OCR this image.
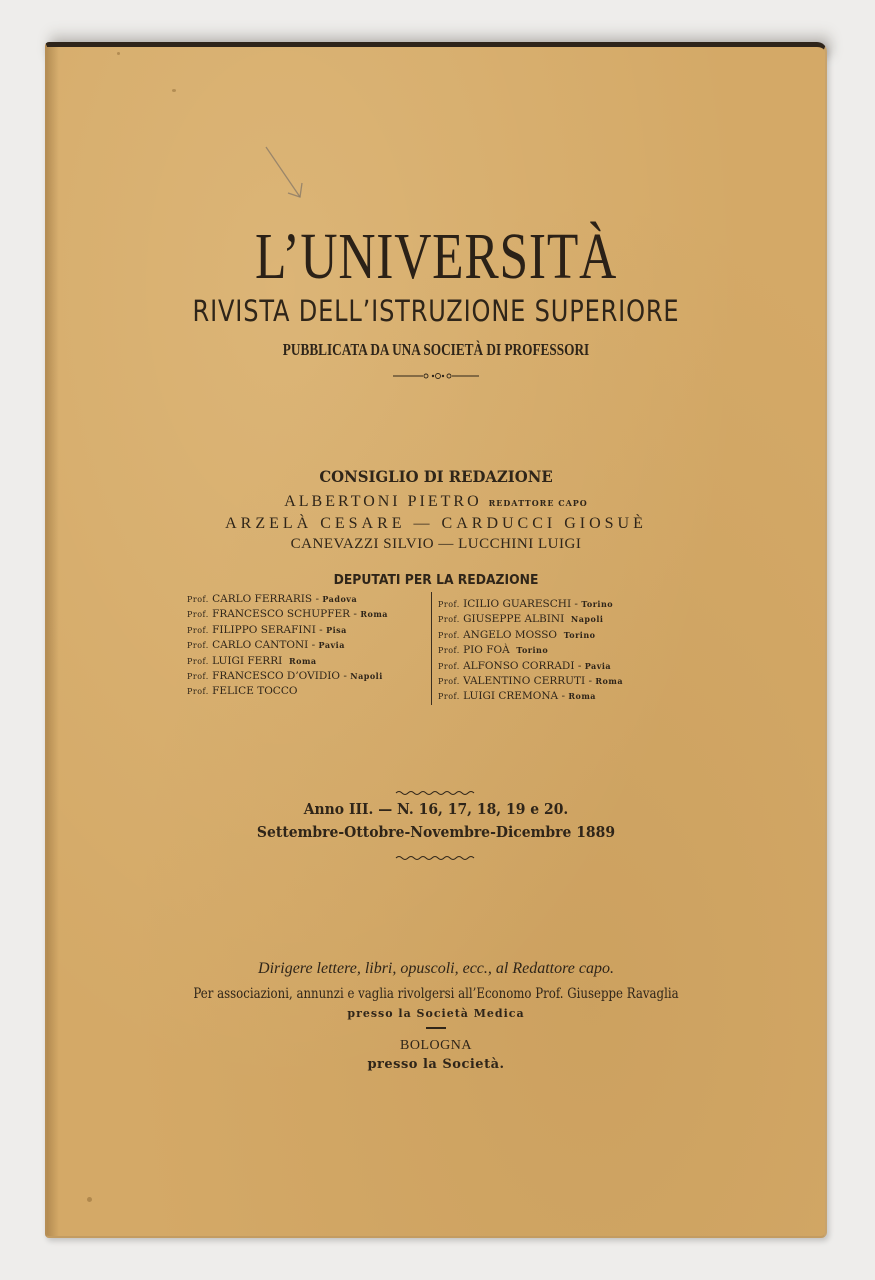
L’UNIVERSITÀ
RIVISTA DELL’ISTRUZIONE SUPERIORE
PUBBLICATA DA UNA SOCIETÀ DI PROFESSORI
CONSIGLIO DI REDAZIONE
ALBERTONI PIETRO REDATTORE CAPO
ARZELÀ CESARE — CARDUCCI GIOSUÈ
CANEVAZZI SILVIO — LUCCHINI LUIGI
DEPUTATI PER LA REDAZIONE
Prof. CARLO FERRARIS - Padova
Prof. FRANCESCO SCHUPFER - Roma
Prof. FILIPPO SERAFINI - Pisa
Prof. CARLO CANTONI - Pavia
Prof. LUIGI FERRI Roma
Prof. FRANCESCO D’OVIDIO - Napoli
Prof. FELICE TOCCO
Prof. ICILIO GUARESCHI - Torino
Prof. GIUSEPPE ALBINI Napoli
Prof. ANGELO MOSSO Torino
Prof. PIO FOÀ Torino
Prof. ALFONSO CORRADI - Pavia
Prof. VALENTINO CERRUTI - Roma
Prof. LUIGI CREMONA - Roma
Anno III. — N. 16, 17, 18, 19 e 20.
Settembre-Ottobre-Novembre-Dicembre 1889
Dirigere lettere, libri, opuscoli, ecc., al Redattore capo.
Per associazioni, annunzi e vaglia rivolgersi all’Economo Prof. Giuseppe Ravaglia
presso la Società Medica
BOLOGNA
presso la Società.
